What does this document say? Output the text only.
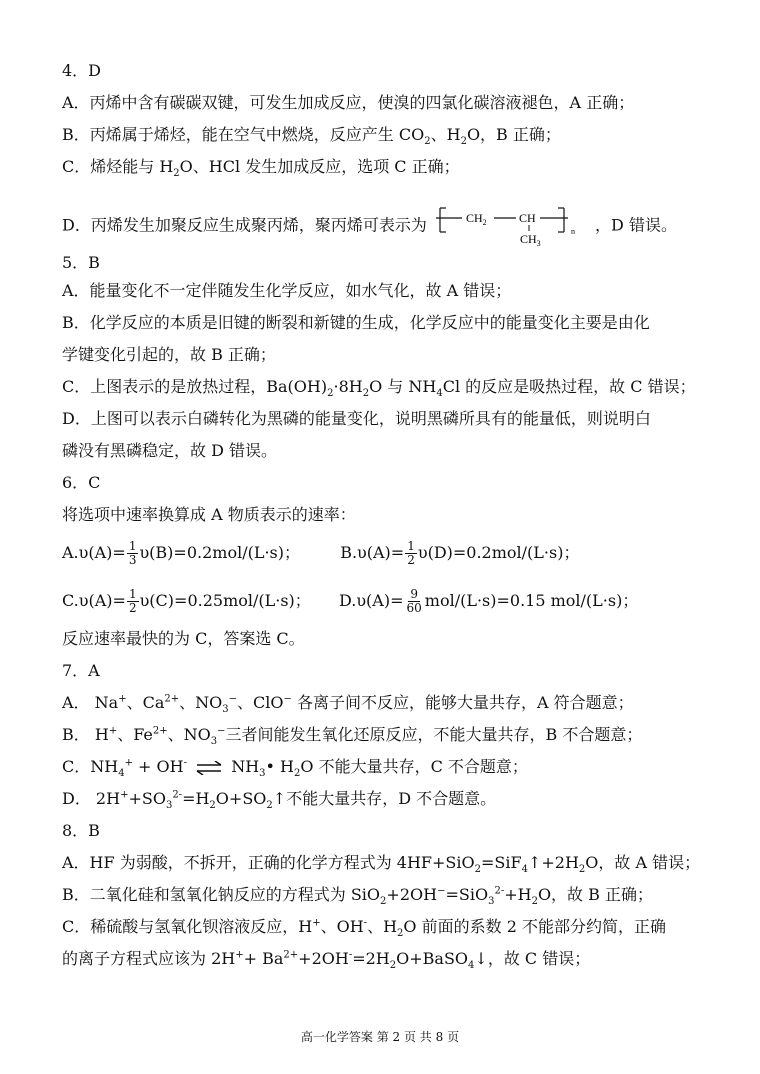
4．D
A．丙烯中含有碳碳双键，可发生加成反应，使溴的四氯化碳溶液褪色，A 正确；
B．丙烯属于烯烃，能在空气中燃烧，反应产生 $CO_2$、$H_2O$，B 正确；
C．烯烃能与 $H_2O$、HCl 发生加成反应，选项 C 正确；
D．丙烯发生加聚反应生成聚丙烯，聚丙烯可表示为	$CH_2$	CH
$CH_3$
n ，D 错误。
5．B
A．能量变化不一定伴随发生化学反应，如水气化，故 A 错误；
B．化学反应的本质是旧键的断裂和新键的生成，化学反应中的能量变化主要是由化
学键变化引起的，故 B 正确；
C．上图表示的是放热过程，$Ba(OH)_2\cdot 8H_2O$ 与 $NH_4Cl$ 的反应是吸热过程，故 C 错误；
D．上图可以表示白磷转化为黑磷的能量变化，说明黑磷所具有的能量低，则说明白
磷没有黑磷稳定，故 D 错误。
6．C
将选项中速率换算成 A 物质表示的速率：
$A.\upsilon(A)= \frac{1}{3} \upsilon(B)=0.2mol/(L\cdot s)$；	$B.\upsilon(A)= \frac{1}{2} \upsilon(D)=0.2mol/(L\cdot s)$；
$C.\upsilon(A)= \frac{1}{2} \upsilon(C)=0.25mol/(L\cdot s)$； $D.\upsilon(A)= \frac{9}{60} mol/(L\cdot s)=0.15$ mol/(L·s)；
反应速率最快的为 C，答案选 C。
7．A
A． Na+、$Ca^{2+}$、$NO_3^-$、ClO− 各离子间不反应，能够大量共存，A 符合题意；
B． H+、$Fe^{2+}$、$NO_3^-$三者间能发生氧化还原反应，不能大量共存，B 不合题意；
C．$NH_4^+ + OH^-$ ⇌ $NH_3•$ $H_2O$ 不能大量共存，C 不合题意；
D． $2H^++SO_3^{2-}=H_2O+SO_2↑$不能大量共存，D 不合题意。
8．B
A．HF 为弱酸，不拆开，正确的化学方程式为 $4HF+SiO_2=SiF_4↑+2H_2O$，故 A 错误；
B．二氧化硅和氢氧化钠反应的方程式为 $SiO_2+2OH^-=SiO_3^{2-}+H_2O$，故 B 正确；
C．稀硫酸与氢氧化钡溶液反应，H+、OH-、$H_2O$ 前面的系数 2 不能部分约简，正确
的离子方程式应该为 $2H^++ Ba^{2+}+2OH^-=2H_2O+BaSO_4↓$，故 C 错误；
高一化学答案 第 2 页 共 8 页
